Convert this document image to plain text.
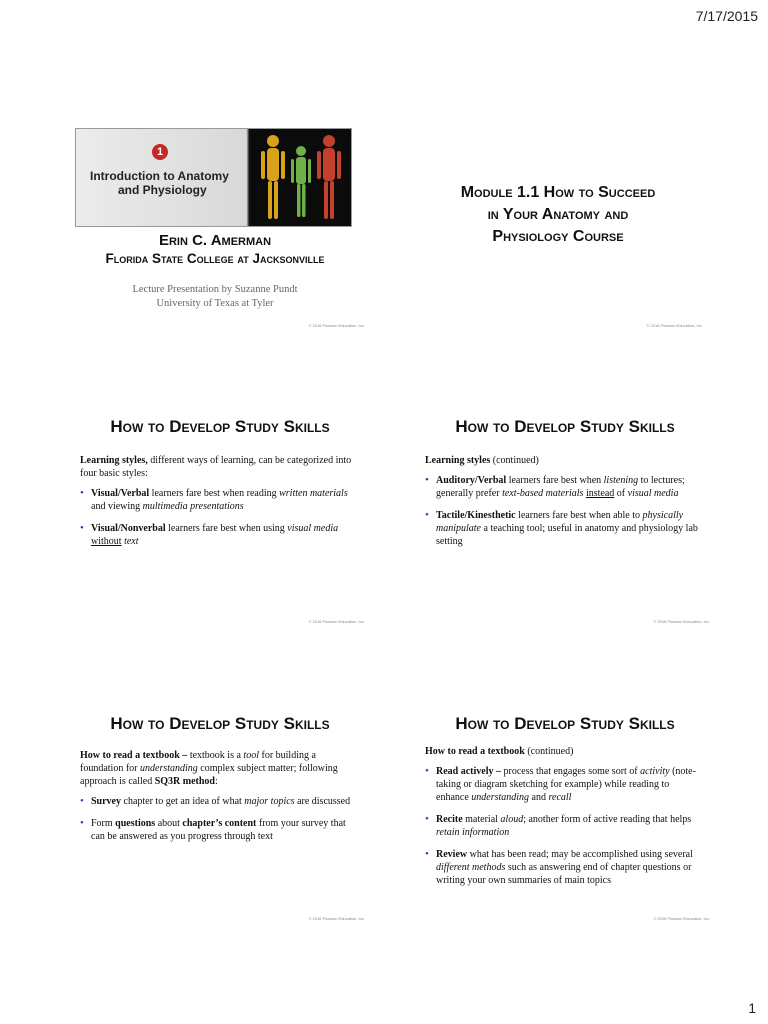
7/17/2015
1
Introduction to Anatomy
and Physiology
Erin C. Amerman
Florida State College at Jacksonville
Lecture Presentation by Suzanne Pundt
University of Texas at Tyler
© 2016 Pearson Education, Inc.
Module 1.1 How to Succeed
in Your Anatomy and
Physiology Course
© 2016 Pearson Education, Inc.
How to Develop Study Skills

Learning styles, different ways of learning, can be categorized into four basic styles:

• Visual/Verbal learners fare best when reading written materials and viewing multimedia presentations
• Visual/Nonverbal learners fare best when using visual media without text
© 2016 Pearson Education, Inc.
How to Develop Study Skills

Learning styles (continued)

• Auditory/Verbal learners fare best when listening to lectures; generally prefer text-based materials instead of visual media
• Tactile/Kinesthetic learners fare best when able to physically manipulate a teaching tool; useful in anatomy and physiology lab setting
© 2016 Pearson Education, Inc.
How to Develop Study Skills

How to read a textbook – textbook is a tool for building a foundation for understanding complex subject matter; following approach is called SQ3R method:

• Survey chapter to get an idea of what major topics are discussed
• Form questions about chapter’s content from your survey that can be answered as you progress through text
© 2016 Pearson Education, Inc.
How to Develop Study Skills

How to read a textbook (continued)

• Read actively – process that engages some sort of activity (note-taking or diagram sketching for example) while reading to enhance understanding and recall
• Recite material aloud; another form of active reading that helps retain information
• Review what has been read; may be accomplished using several different methods such as answering end of chapter questions or writing your own summaries of main topics
© 2016 Pearson Education, Inc.
1
